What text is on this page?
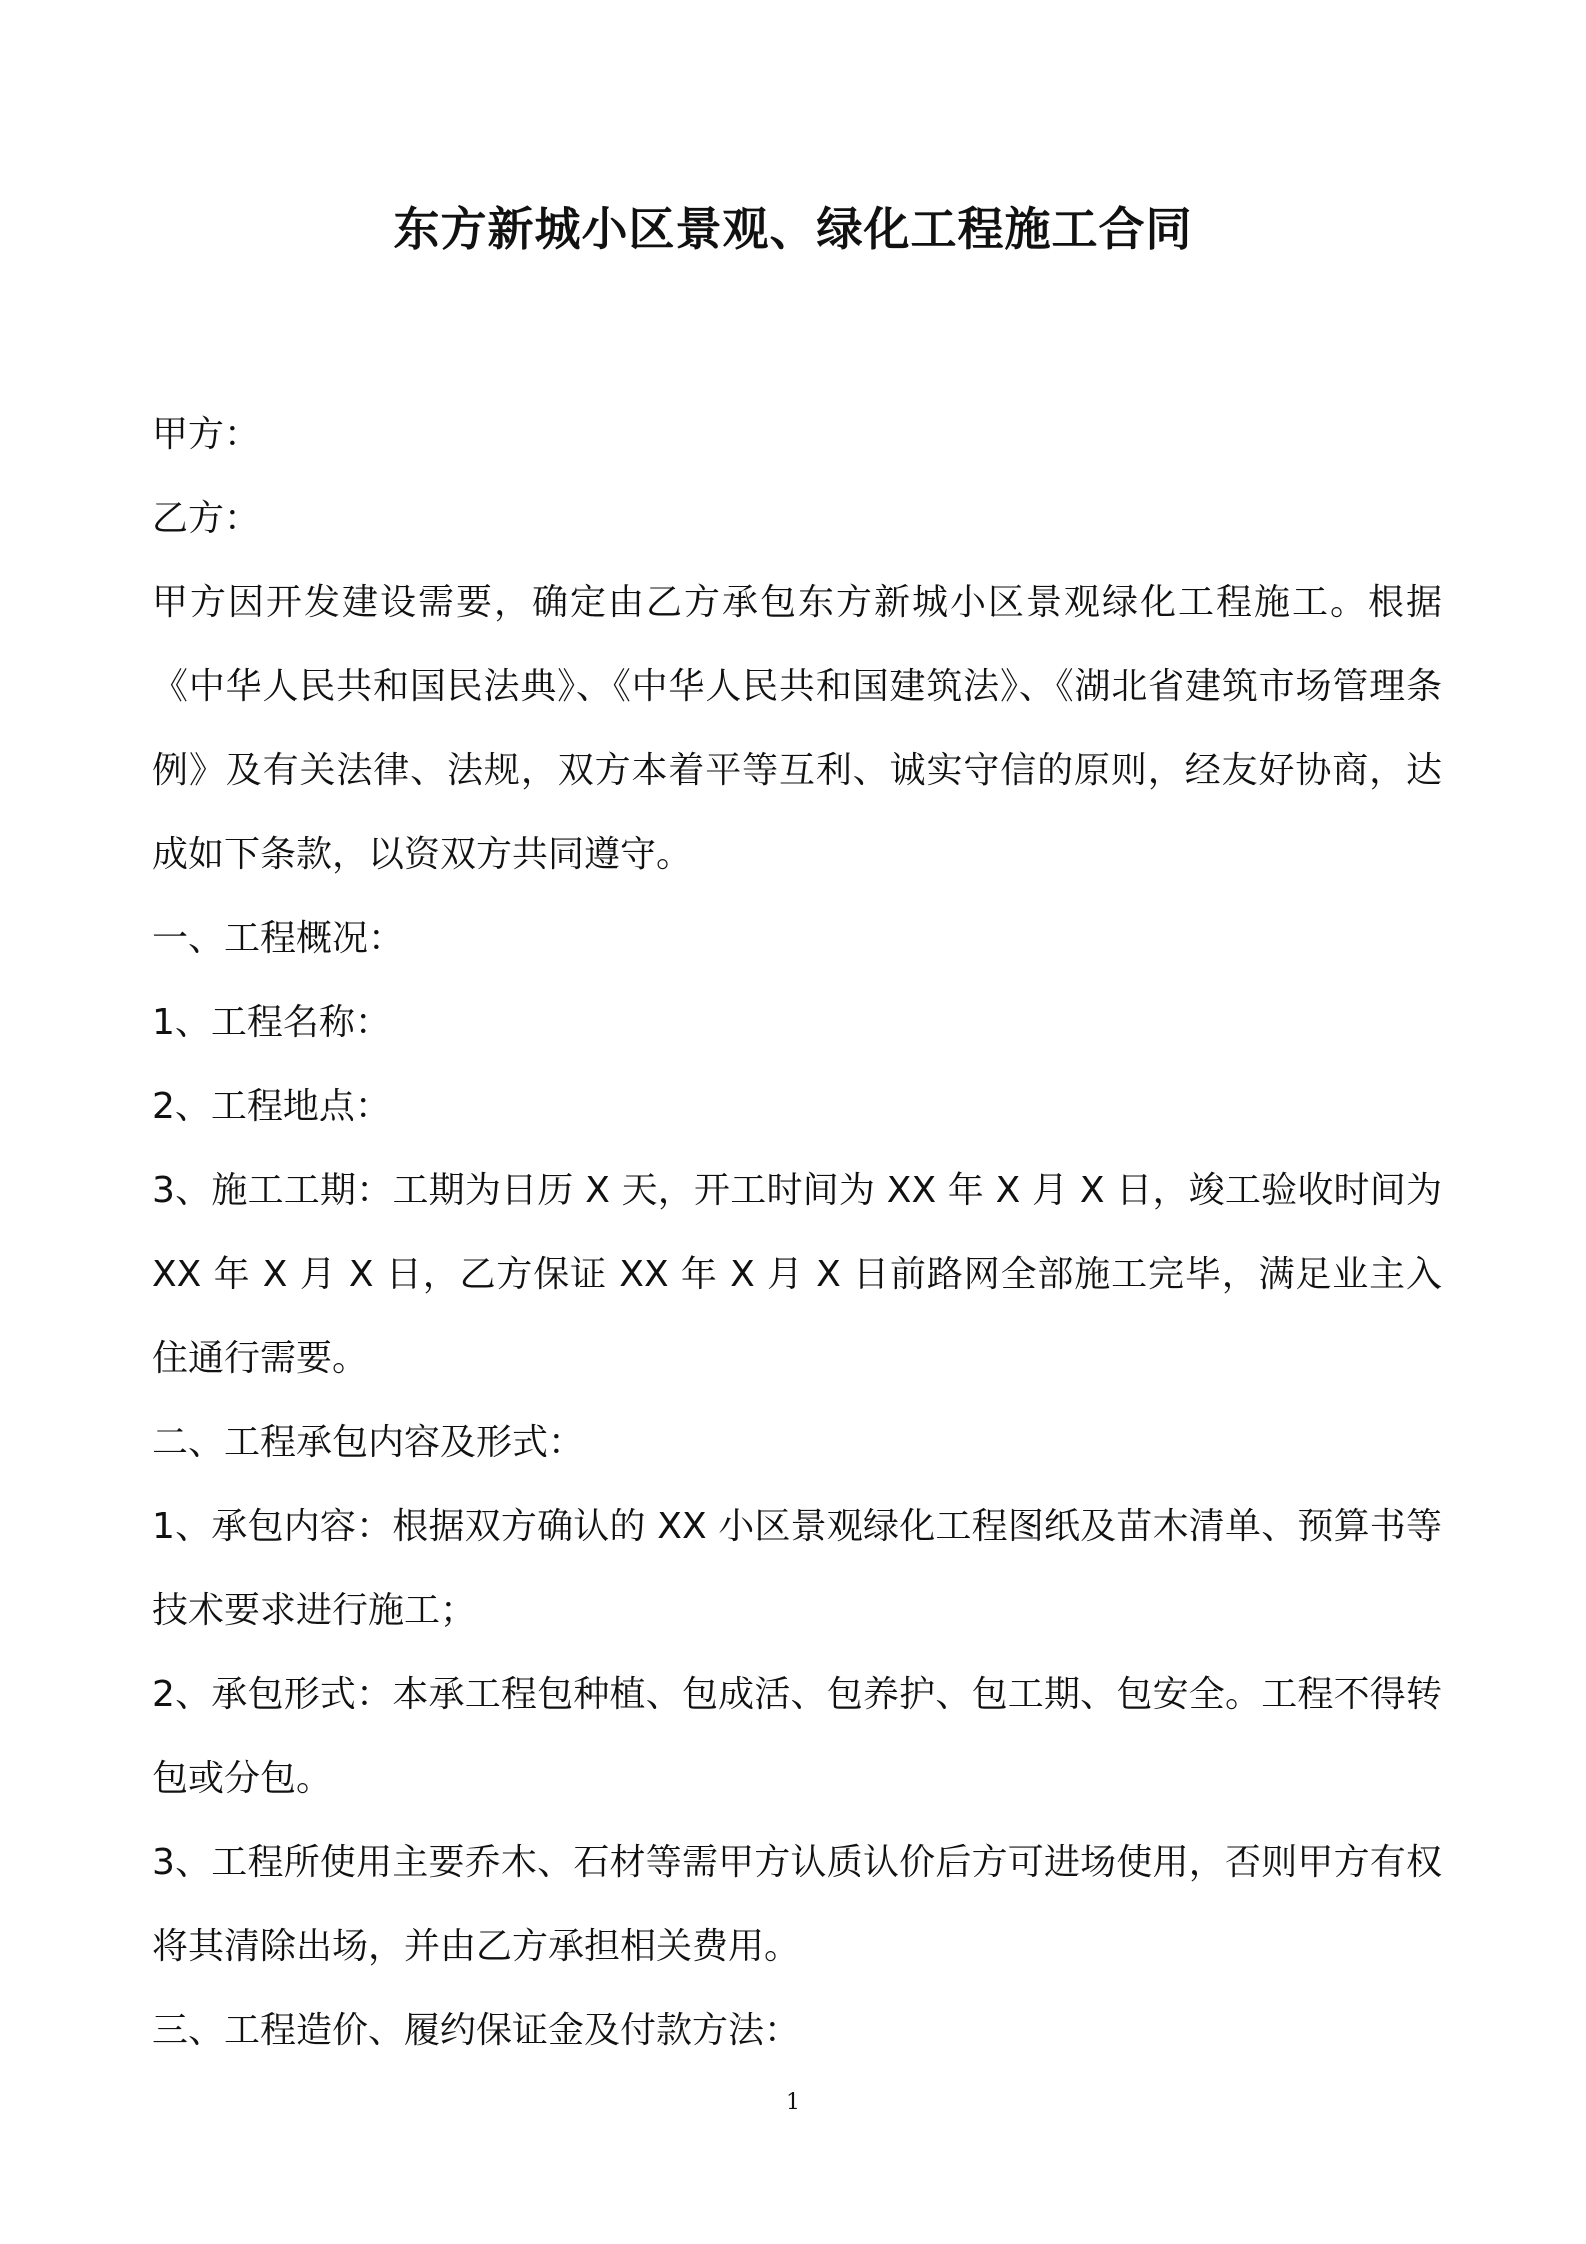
东方新城小区景观、绿化工程施工合同

甲方：

乙方：

甲方因开发建设需要，确定由乙方承包东方新城小区景观绿化工程施工。根据《中华人民共和国民法典》、《中华人民共和国建筑法》、《湖北省建筑市场管理条例》及有关法律、法规，双方本着平等互利、诚实守信的原则，经友好协商，达成如下条款，以资双方共同遵守。

一、工程概况：

1、工程名称：

2、工程地点：

3、施工工期：工期为日历 X 天，开工时间为 XX 年 X 月 X 日，竣工验收时间为 XX 年 X 月 X 日，乙方保证 XX 年 X 月 X 日前路网全部施工完毕，满足业主入住通行需要。

二、工程承包内容及形式：

1、承包内容：根据双方确认的 XX 小区景观绿化工程图纸及苗木清单、预算书等技术要求进行施工；

2、承包形式：本承工程包种植、包成活、包养护、包工期、包安全。工程不得转包或分包。

3、工程所使用主要乔木、石材等需甲方认质认价后方可进场使用，否则甲方有权将其清除出场，并由乙方承担相关费用。

三、工程造价、履约保证金及付款方法：

1
